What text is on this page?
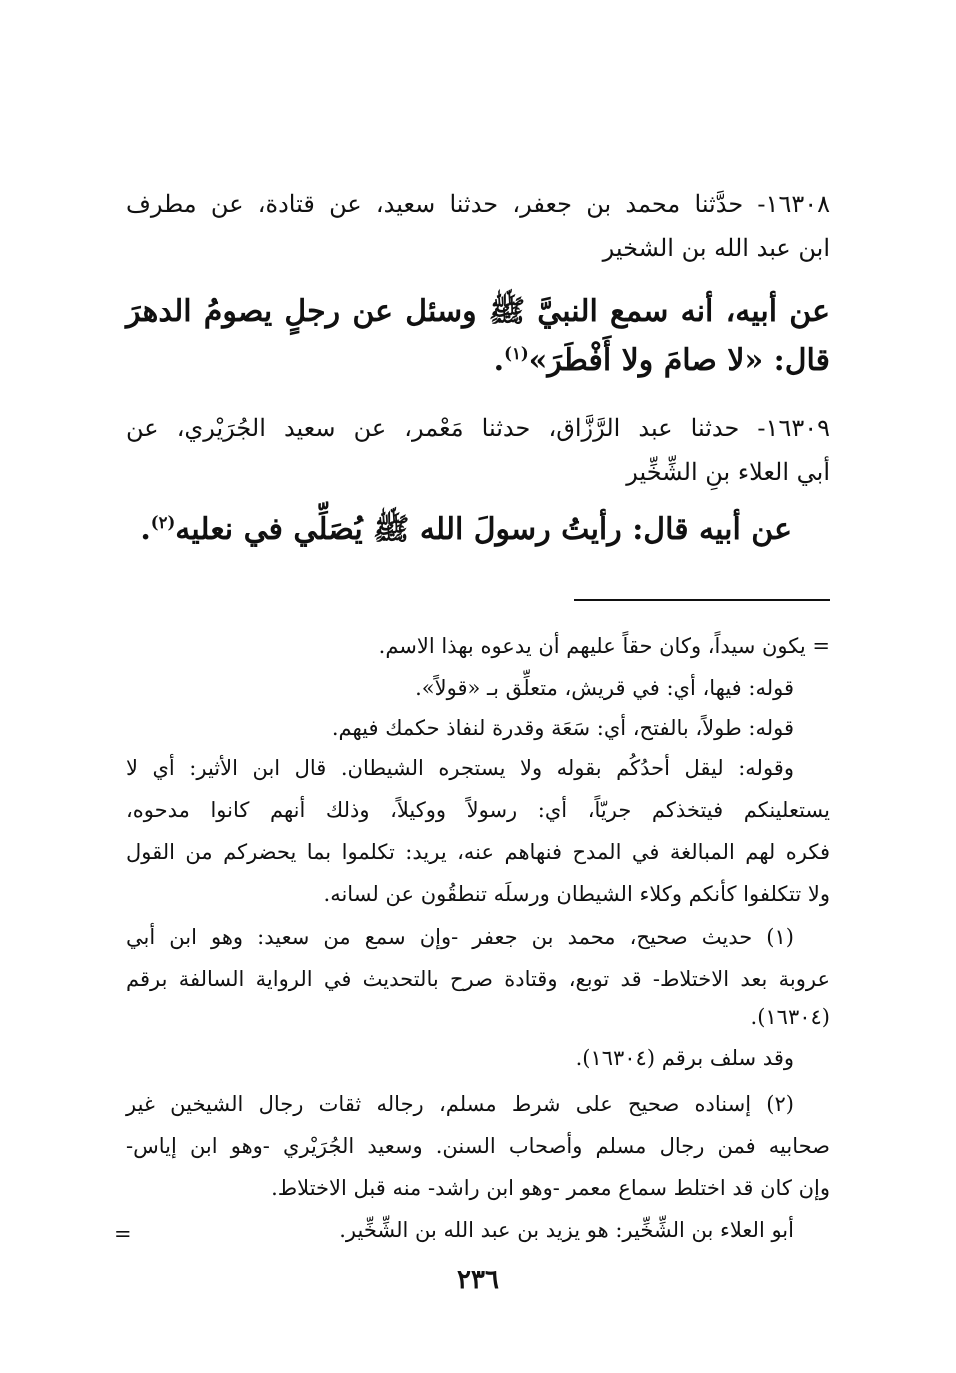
١٦٣٠٨- حدَّثنا محمد بن جعفر، حدثنا سعيد، عن قتادة، عن مطرف
ابن عبد الله بن الشخير
عن أبيه، أنه سمع النبيَّ ﷺ وسئل عن رجلٍ يصومُ الدهرَ
قال: «لا صامَ ولا أَفْطَرَ»$^{(١)}$.
١٦٣٠٩- حدثنا عبد الرَّزَّاق، حدثنا مَعْمر، عن سعيد الجُرَيْري، عن
أبي العلاء بنِ الشِّخِّير
عن أبيه قال: رأيتُ رسولَ الله ﷺ يُصَلِّي في نعليه$^{(٢)}$.
= يكون سيداً، وكان حقاً عليهم أن يدعوه بهذا الاسم.
قوله: فيها، أي: في قريش، متعلِّق بـ «قولاً».
قوله: طولاً، بالفتح، أي: سَعَة وقدرة لنفاذ حكمك فيهم.
وقوله: ليقل أحدُكُم بقوله ولا يستجره الشيطان. قال ابن الأثير: أي لا
يستعلينكم فيتخذكم جريّاً، أي: رسولاً ووكيلاً، وذلك أنهم كانوا مدحوه،
فكره لهم المبالغة في المدح فنهاهم عنه، يريد: تكلموا بما يحضركم من القول
ولا تتكلفوا كأنكم وكلاء الشيطان ورسلَه تنطقُون عن لسانه.
(١) حديث صحيح، محمد بن جعفر -وإن سمع من سعيد: وهو ابن أبي
عروبة بعد الاختلاط- قد توبع، وقتادة صرح بالتحديث في الرواية السالفة برقم
(١٦٣٠٤).
وقد سلف برقم (١٦٣٠٤).
(٢) إسناده صحيح على شرط مسلم، رجاله ثقات رجال الشيخين غير
صحابيه فمن رجال مسلم وأصحاب السنن. وسعيد الجُرَيْري -وهو ابن إياس-
وإن كان قد اختلط سماع معمر -وهو ابن راشد- منه قبل الاختلاط.
أبو العلاء بن الشِّخِّير: هو يزيد بن عبد الله بن الشِّخِّير.
=
٢٣٦
